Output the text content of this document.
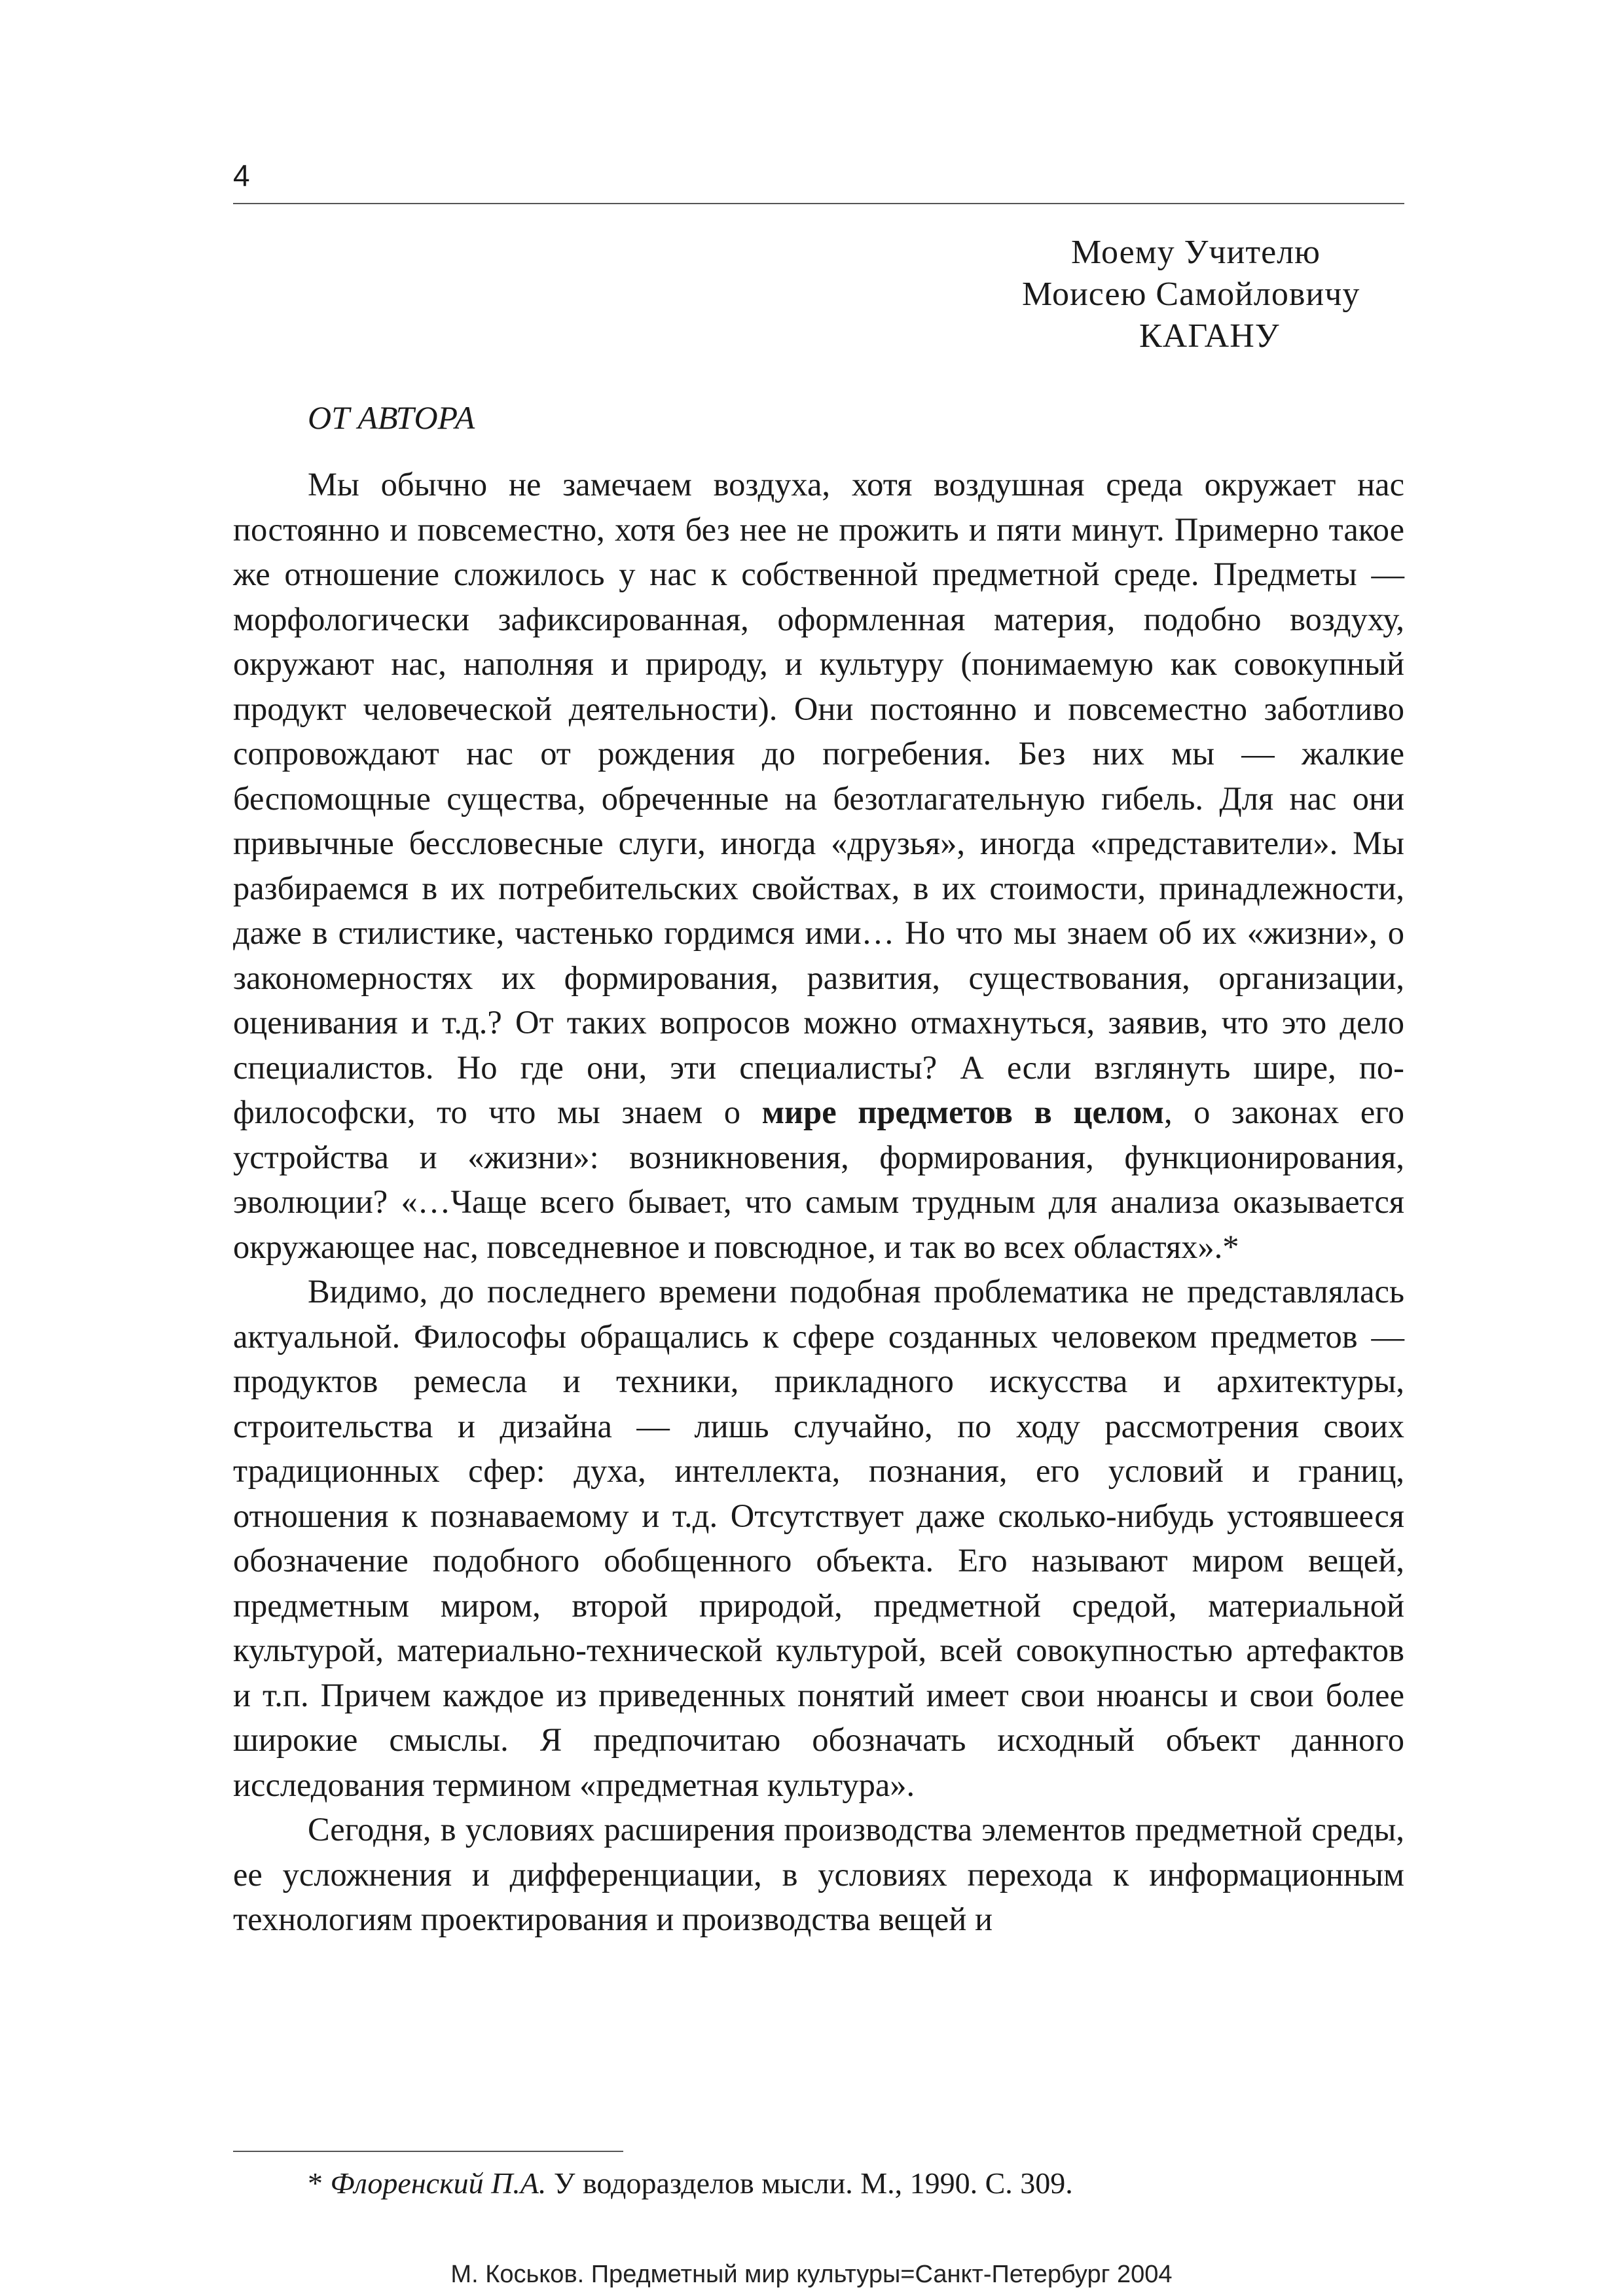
4

Моему Учителю
Моисею Самойловичу
КАГАНУ
ОТ АВТОРА

Мы обычно не замечаем воздуха, хотя воздушная среда окружает нас постоянно и повсеместно, хотя без нее не прожить и пяти минут. Примерно такое же отношение сложилось у нас к собственной предметной среде. Предметы — морфологически зафиксированная, оформленная материя, подобно воздуху, окружают нас, наполняя и природу, и культуру (понимаемую как совокупный продукт человеческой деятельности). Они постоянно и повсеместно заботливо сопровождают нас от рождения до погребения. Без них мы — жалкие беспомощные существа, обреченные на безотлагательную гибель. Для нас они привычные бессловесные слуги, иногда «друзья», иногда «представители». Мы разбираемся в их потребительских свойствах, в их стоимости, принадлежности, даже в стилистике, частенько гордимся ими… Но что мы знаем об их «жизни», о закономерностях их формирования, развития, существования, организации, оценивания и т.д.? От таких вопросов можно отмахнуться, заявив, что это дело специалистов. Но где они, эти специалисты? А если взглянуть шире, по-философски, то что мы знаем о мире предметов в целом, о законах его устройства и «жизни»: возникновения, формирования, функционирования, эволюции? «…Чаще всего бывает, что самым трудным для анализа оказывается окружающее нас, повседневное и повсюдное, и так во всех областях».*

Видимо, до последнего времени подобная проблематика не представлялась актуальной. Философы обращались к сфере созданных человеком предметов — продуктов ремесла и техники, прикладного искусства и архитектуры, строительства и дизайна — лишь случайно, по ходу рассмотрения своих традиционных сфер: духа, интеллекта, познания, его условий и границ, отношения к познаваемому и т.д. Отсутствует даже сколько-нибудь устоявшееся обозначение подобного обобщенного объекта. Его называют миром вещей, предметным миром, второй природой, предметной средой, материальной культурой, материально-технической культурой, всей совокупностью артефактов и т.п. Причем каждое из приведенных понятий имеет свои нюансы и свои более широкие смыслы. Я предпочитаю обозначать исходный объект данного исследования термином «предметная культура».

Сегодня, в условиях расширения производства элементов предметной среды, ее усложнения и дифференциации, в условиях перехода к информационным технологиям проектирования и производства вещей и

* Флоренский П.А. У водоразделов мысли. М., 1990. С. 309.

М. Коськов. Предметный мир культуры=Санкт-Петербург 2004
